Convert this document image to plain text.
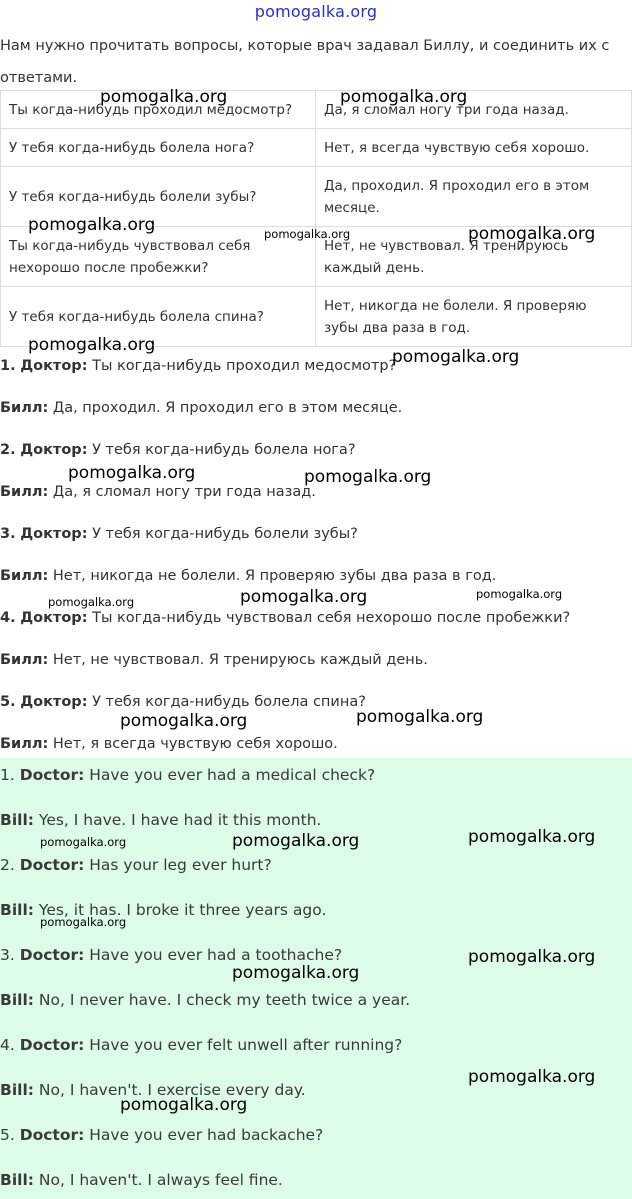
pomogalka.org
Нам нужно прочитать вопросы, которые врач задавал Биллу, и соединить их с ответами.
Ты когда-нибудь проходил медосмотр?	Да, я сломал ногу три года назад.
У тебя когда-нибудь болела нога?	Нет, я всегда чувствую себя хорошо.
У тебя когда-нибудь болели зубы?	Да, проходил. Я проходил его в этом месяце.
Ты когда-нибудь чувствовал себя нехорошо после пробежки?	Нет, не чувствовал. Я тренируюсь каждый день.
У тебя когда-нибудь болела спина?	Нет, никогда не болели. Я проверяю зубы два раза в год.
1. Доктор: Ты когда-нибудь проходил медосмотр?
Билл: Да, проходил. Я проходил его в этом месяце.
2. Доктор: У тебя когда-нибудь болела нога?
Билл: Да, я сломал ногу три года назад.
3. Доктор: У тебя когда-нибудь болели зубы?
Билл: Нет, никогда не болели. Я проверяю зубы два раза в год.
4. Доктор: Ты когда-нибудь чувствовал себя нехорошо после пробежки?
Билл: Нет, не чувствовал. Я тренируюсь каждый день.
5. Доктор: У тебя когда-нибудь болела спина?
Билл: Нет, я всегда чувствую себя хорошо.
1. Doctor: Have you ever had a medical check?
Bill: Yes, I have. I have had it this month.
2. Doctor: Has your leg ever hurt?
Bill: Yes, it has. I broke it three years ago.
3. Doctor: Have you ever had a toothache?
Bill: No, I never have. I check my teeth twice a year.
4. Doctor: Have you ever felt unwell after running?
Bill: No, I haven't. I exercise every day.
5. Doctor: Have you ever had backache?
Bill: No, I haven't. I always feel fine.
pomogalka.org	pomogalka.org
pomogalka.org	pomogalka.org	pomogalka.org
pomogalka.org
pomogalka.org
pomogalka.org	pomogalka.org
pomogalka.org	pomogalka.org	pomogalka.org
pomogalka.org	pomogalka.org
pomogalka.org	pomogalka.org	pomogalka.org
pomogalka.org
pomogalka.org
pomogalka.org
pomogalka.org
pomogalka.org
